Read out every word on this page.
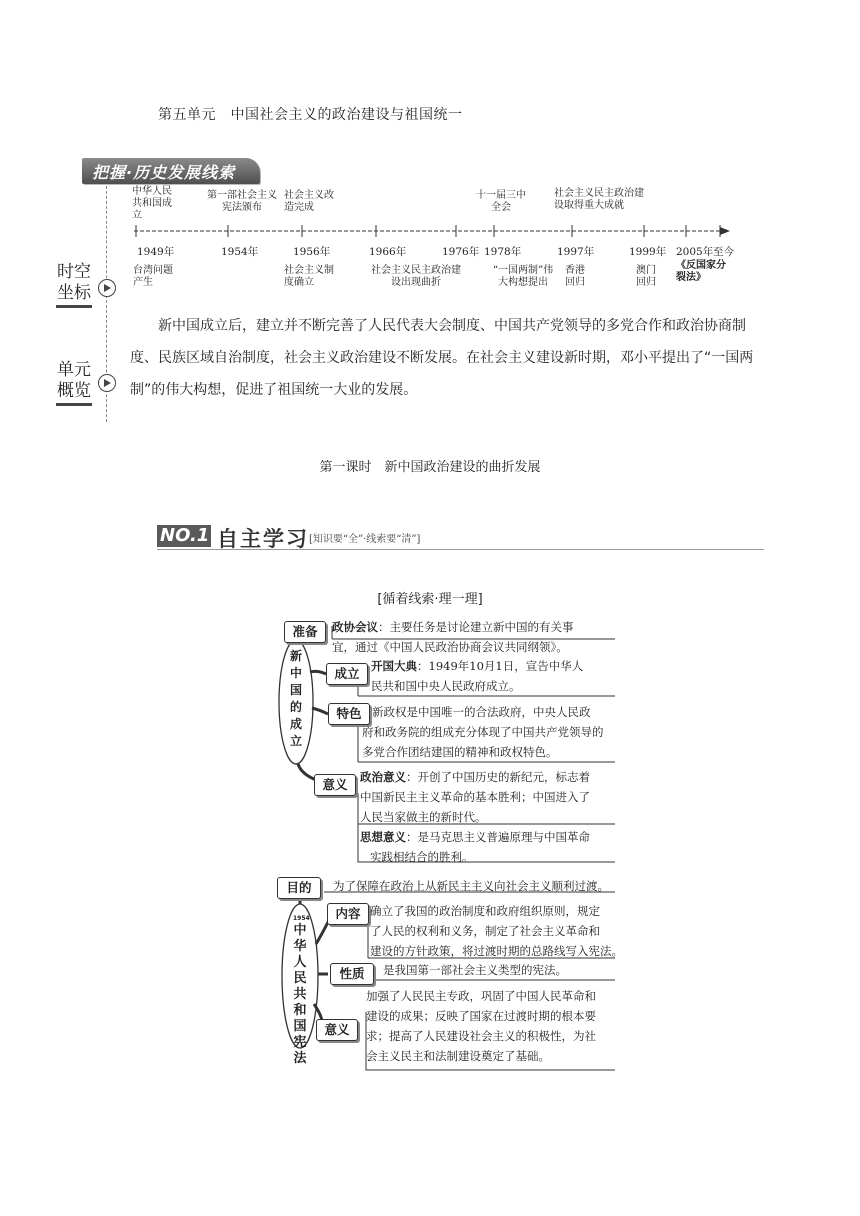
第五单元　中国社会主义的政治建设与祖国统一
把握·历史发展线索
时空
坐标
单元
概览
中华人民共和国成立
第一部社会主义宪法颁布
社会主义改造完成
十一届三中全会
社会主义民主政治建设取得重大成就
1949年	1954年	1956年	1966年	1976年 1978年	1997年	1999年 2005年 至今
台湾问题产生
社会主义制度确立
社会主义民主政治建设出现曲折
“一国两制”伟大构想提出
香港回归
澳门回归
《反国家分裂法》
新中国成立后，建立并不断完善了人民代表大会制度、中国共产党领导的多党合作和政治协商制度、民族区域自治制度，社会主义政治建设不断发展。在社会主义建设新时期，邓小平提出了“一国两制”的伟大构想，促进了祖国统一大业的发展。
第一课时　新中国政治建设的曲折发展
NO.1 自主学习 [知识要“全”·线索要“清”]
[循着线索·理一理]
新
中
国
的
成
立
准备	政协会议：主要任务是讨论建立新中国的有关事
宜，通过《中国人民政治协商会议共同纲领》。
成立	开国大典：1949年10月1日，宣告中华人
民共和国中央人民政府成立。
特色 新政权是中国唯一的合法政府，中央人民政
府和政务院的组成充分体现了中国共产党领导的
多党合作团结建国的精神和政权特色。
意义	政治意义：开创了中国历史的新纪元，标志着
中国新民主主义革命的基本胜利；中国进入了
人民当家做主的新时代。
思想意义：是马克思主义普遍原理与中国革命
实践相结合的胜利。
1954
中
华
人
民
共
和
国
宪
法
目的	为了保障在政治上从新民主主义向社会主义顺利过渡。
内容 确立了我国的政治制度和政府组织原则，规定
了人民的权利和义务，制定了社会主义革命和
建设的方针政策，将过渡时期的总路线写入宪法。
性质	是我国第一部社会主义类型的宪法。
意义
加强了人民民主专政，巩固了中国人民革命和
建设的成果；反映了国家在过渡时期的根本要
求；提高了人民建设社会主义的积极性，为社
会主义民主和法制建设奠定了基础。
